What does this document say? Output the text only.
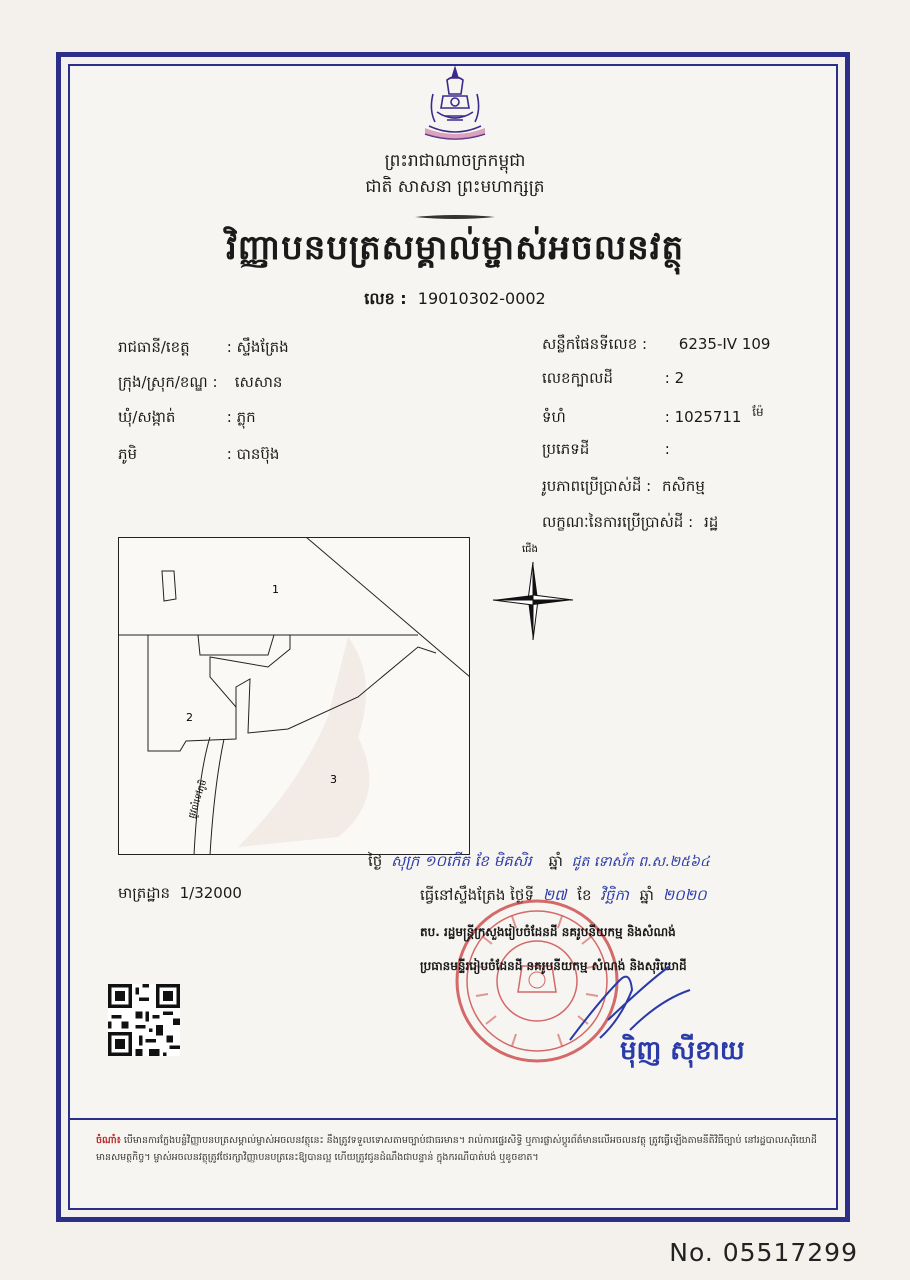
ព្រះរាជាណាចក្រកម្ពុជា
ជាតិ សាសនា ព្រះមហាក្សត្រ
វិញ្ញាបនបត្រសម្គាល់ម្ចាស់អចលនវត្ថុ
លេខ : 19010302-0002
រាជធានី/ខេត្ត : ស្ទឹងត្រែង
ក្រុង/ស្រុក/ខណ្ឌ : សេសាន
ឃុំ/សង្កាត់	: ភ្លុក
ភូមិ	: បានប៊ុង
សន្លឹកផែនទីលេខ : 6235-IV 109
លេខក្បាលដី	: 2
ទំហំ	: 1025711 $^{ម៉ែ}$
ប្រភេទដី	:
រូបភាពប្រើប្រាស់ដី : កសិកម្ម
លក្ខណៈនៃការប្រើប្រាស់ដី : រដ្ឋ
1
2
3
ផ្លូវលំទៅភូមិ
ជើង
មាត្រដ្ឋាន 1/32000
ថ្ងៃ សុក្រ ១០កើត ខែ មិគសិរ ឆ្នាំ ជូត ទោស័ក ព.ស.២៥៦៤
ធ្វើនៅស្ទឹងត្រែង ថ្ងៃទី ២៧ ខែ វិច្ឆិកា ឆ្នាំ ២០២០
តប. រដ្ឋមន្ត្រីក្រសួងរៀបចំដែនដី នគរូបនីយកម្ម និងសំណង់
ប្រធានមន្ទីររៀបចំដែនដី នគរូបនីយកម្ម សំណង់ និងសុរិយោដី
ម៉ិញ ស៊ីខាយ
ចំណាំ៖ បើមានការក្លែងបន្លំវិញ្ញាបនបត្រសម្គាល់ម្ចាស់អចលនវត្ថុនេះ នឹងត្រូវទទួលទោសតាមច្បាប់ជាធរមាន។ រាល់ការផ្ទេរសិទ្ធិ ឬការផ្លាស់ប្តូរព័ត៌មានលើអចលនវត្ថុ ត្រូវធ្វើឡើងតាមនីតិវិធីច្បាប់ នៅរដ្ឋបាលសុរិយោដីមានសមត្ថកិច្ច។ ម្ចាស់អចលនវត្ថុត្រូវថែរក្សាវិញ្ញាបនបត្រនេះឱ្យបានល្អ ហើយត្រូវជូនដំណឹងជាបន្ទាន់ ក្នុងករណីបាត់បង់ ឬខូចខាត។
No. 05517299
